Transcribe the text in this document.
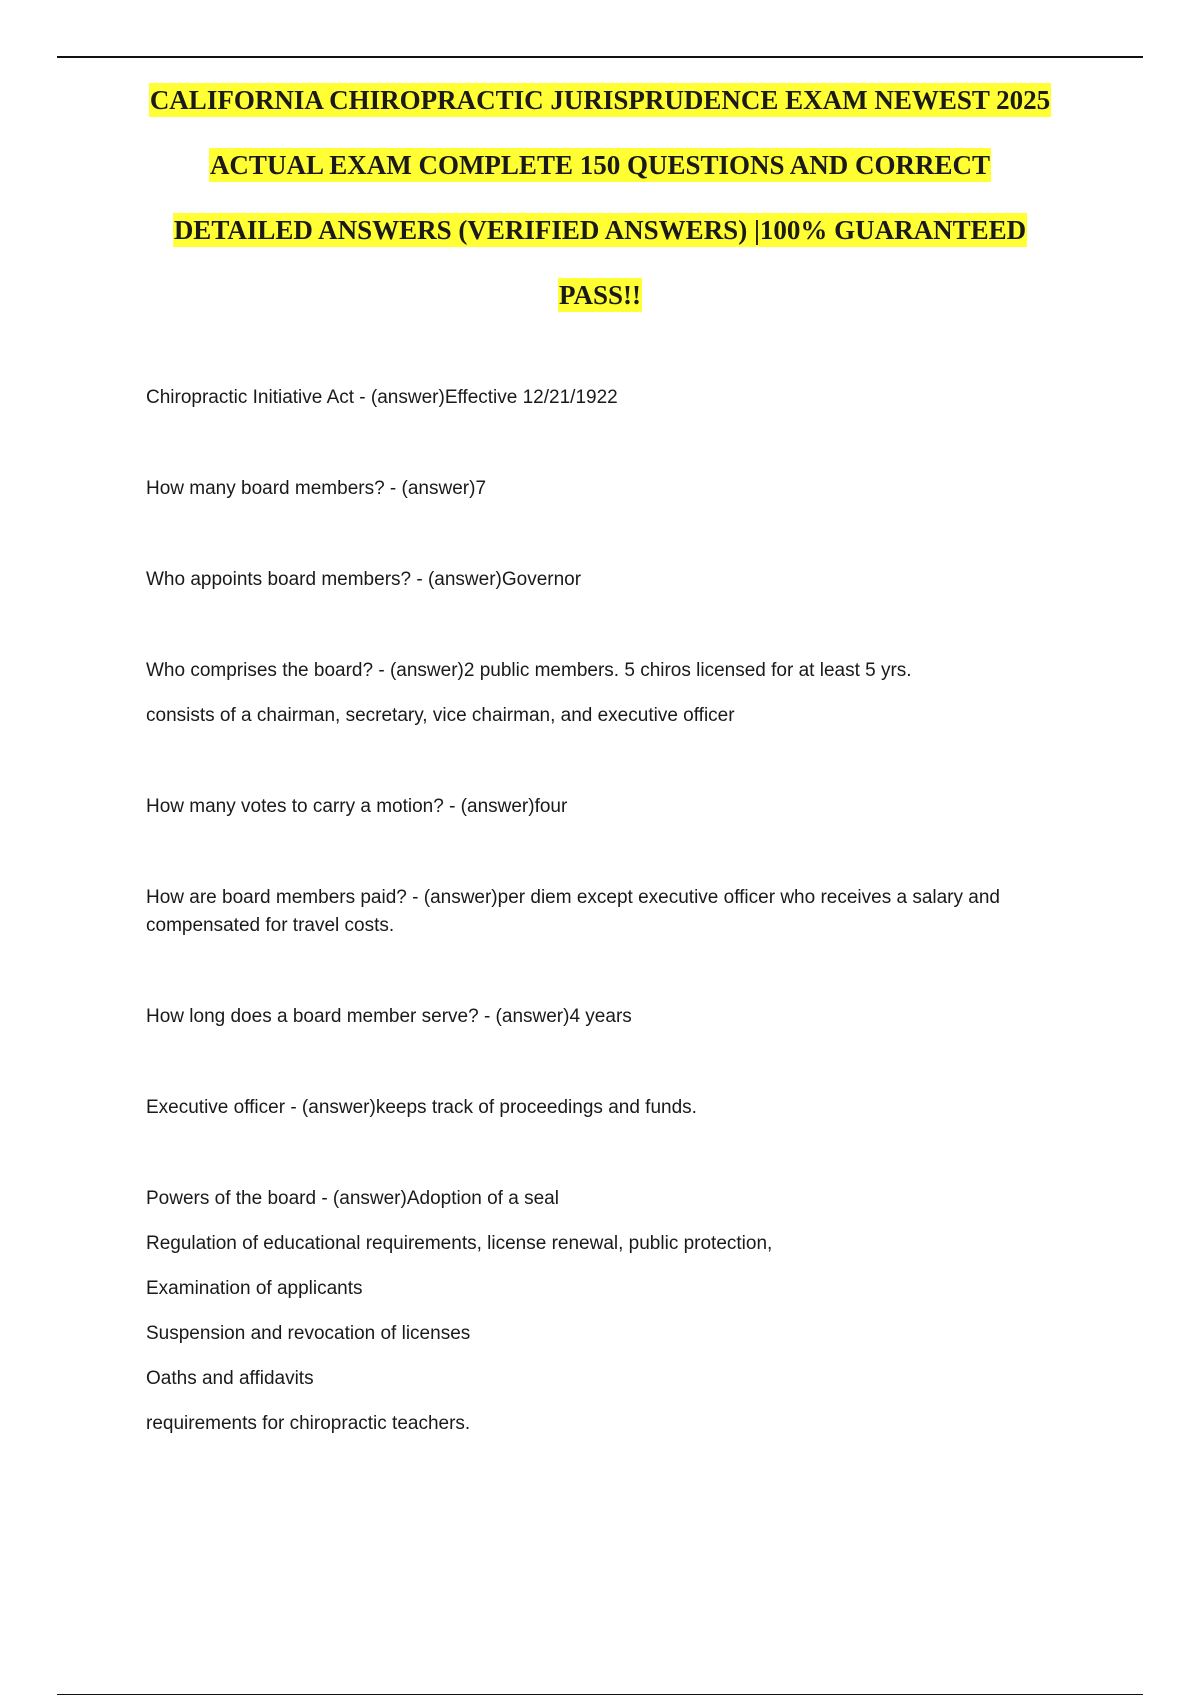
CALIFORNIA CHIROPRACTIC JURISPRUDENCE EXAM NEWEST 2025
ACTUAL EXAM COMPLETE 150 QUESTIONS AND CORRECT
DETAILED ANSWERS (VERIFIED ANSWERS) |100% GUARANTEED
PASS!!

Chiropractic Initiative Act - (answer)Effective 12/21/1922

How many board members? - (answer)7

Who appoints board members? - (answer)Governor

Who comprises the board? - (answer)2 public members. 5 chiros licensed for at least 5 yrs.

consists of a chairman, secretary, vice chairman, and executive officer

How many votes to carry a motion? - (answer)four

How are board members paid? - (answer)per diem except executive officer who receives a salary and compensated for travel costs.

How long does a board member serve? - (answer)4 years

Executive officer - (answer)keeps track of proceedings and funds.

Powers of the board - (answer)Adoption of a seal

Regulation of educational requirements, license renewal, public protection,

Examination of applicants

Suspension and revocation of licenses

Oaths and affidavits

requirements for chiropractic teachers.
